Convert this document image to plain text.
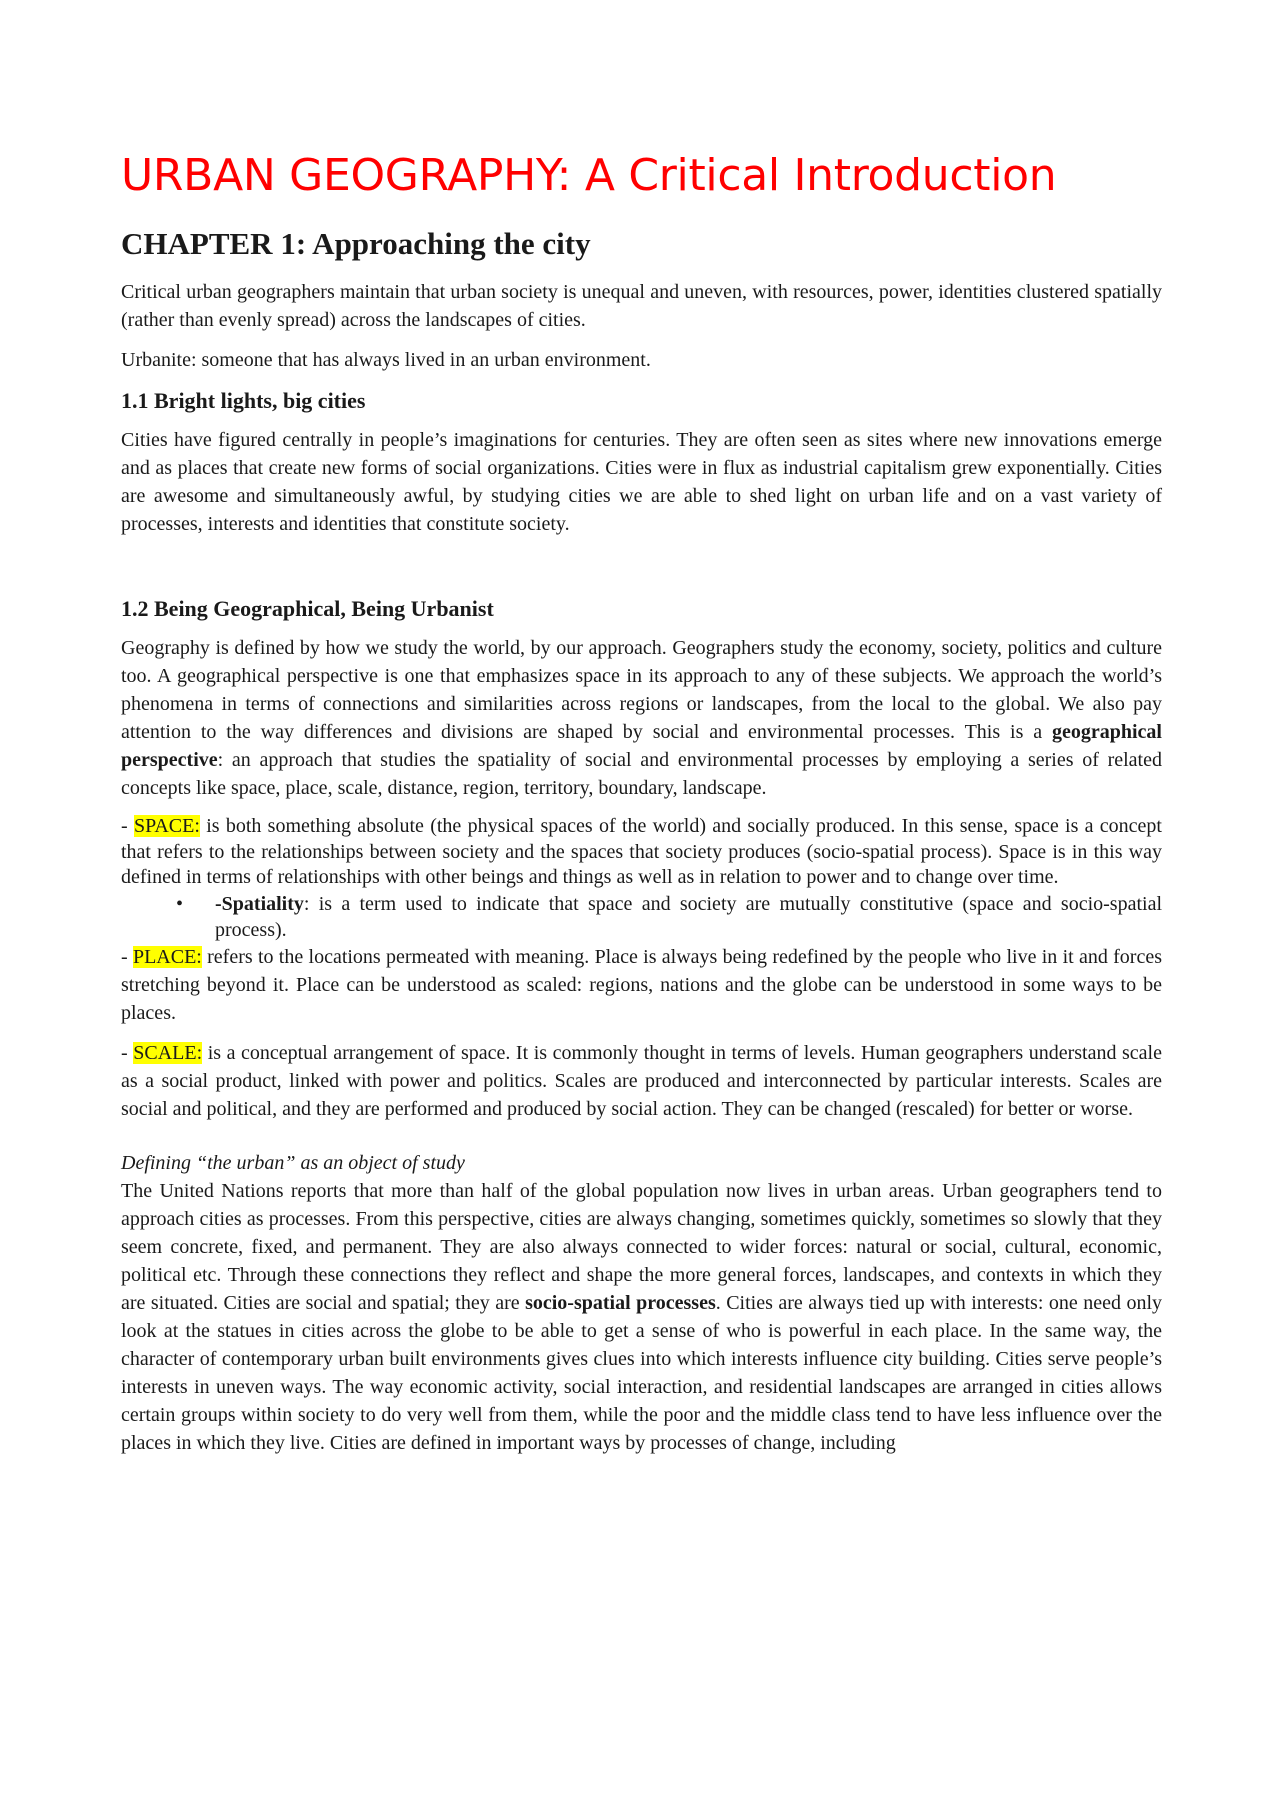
URBAN GEOGRAPHY: A Critical Introduction
CHAPTER 1: Approaching the city

Critical urban geographers maintain that urban society is unequal and uneven, with resources, power, identities clustered spatially (rather than evenly spread) across the landscapes of cities.

Urbanite: someone that has always lived in an urban environment.

1.1 Bright lights, big cities

Cities have figured centrally in people’s imaginations for centuries. They are often seen as sites where new innovations emerge and as places that create new forms of social organizations. Cities were in flux as industrial capitalism grew exponentially. Cities are awesome and simultaneously awful, by studying cities we are able to shed light on urban life and on a vast variety of processes, interests and identities that constitute society.

1.2 Being Geographical, Being Urbanist

Geography is defined by how we study the world, by our approach. Geographers study the economy, society, politics and culture too. A geographical perspective is one that emphasizes space in its approach to any of these subjects. We approach the world’s phenomena in terms of connections and similarities across regions or landscapes, from the local to the global. We also pay attention to the way differences and divisions are shaped by social and environmental processes. This is a geographical perspective: an approach that studies the spatiality of social and environmental processes by employing a series of related concepts like space, place, scale, distance, region, territory, boundary, landscape.

- SPACE: is both something absolute (the physical spaces of the world) and socially produced. In this sense, space is a concept that refers to the relationships between society and the spaces that society produces (socio-spatial process). Space is in this way defined in terms of relationships with other beings and things as well as in relation to power and to change over time.

• -Spatiality: is a term used to indicate that space and society are mutually constitutive (space and socio-spatial process).

- PLACE: refers to the locations permeated with meaning. Place is always being redefined by the people who live in it and forces stretching beyond it. Place can be understood as scaled: regions, nations and the globe can be understood in some ways to be places.

- SCALE: is a conceptual arrangement of space. It is commonly thought in terms of levels. Human geographers understand scale as a social product, linked with power and politics. Scales are produced and interconnected by particular interests. Scales are social and political, and they are performed and produced by social action. They can be changed (rescaled) for better or worse.

Defining “the urban” as an object of study

The United Nations reports that more than half of the global population now lives in urban areas. Urban geographers tend to approach cities as processes. From this perspective, cities are always changing, sometimes quickly, sometimes so slowly that they seem concrete, fixed, and permanent. They are also always connected to wider forces: natural or social, cultural, economic, political etc. Through these connections they reflect and shape the more general forces, landscapes, and contexts in which they are situated. Cities are social and spatial; they are socio-spatial processes. Cities are always tied up with interests: one need only look at the statues in cities across the globe to be able to get a sense of who is powerful in each place. In the same way, the character of contemporary urban built environments gives clues into which interests influence city building. Cities serve people’s interests in uneven ways. The way economic activity, social interaction, and residential landscapes are arranged in cities allows certain groups within society to do very well from them, while the poor and the middle class tend to have less influence over the places in which they live. Cities are defined in important ways by processes of change, including
